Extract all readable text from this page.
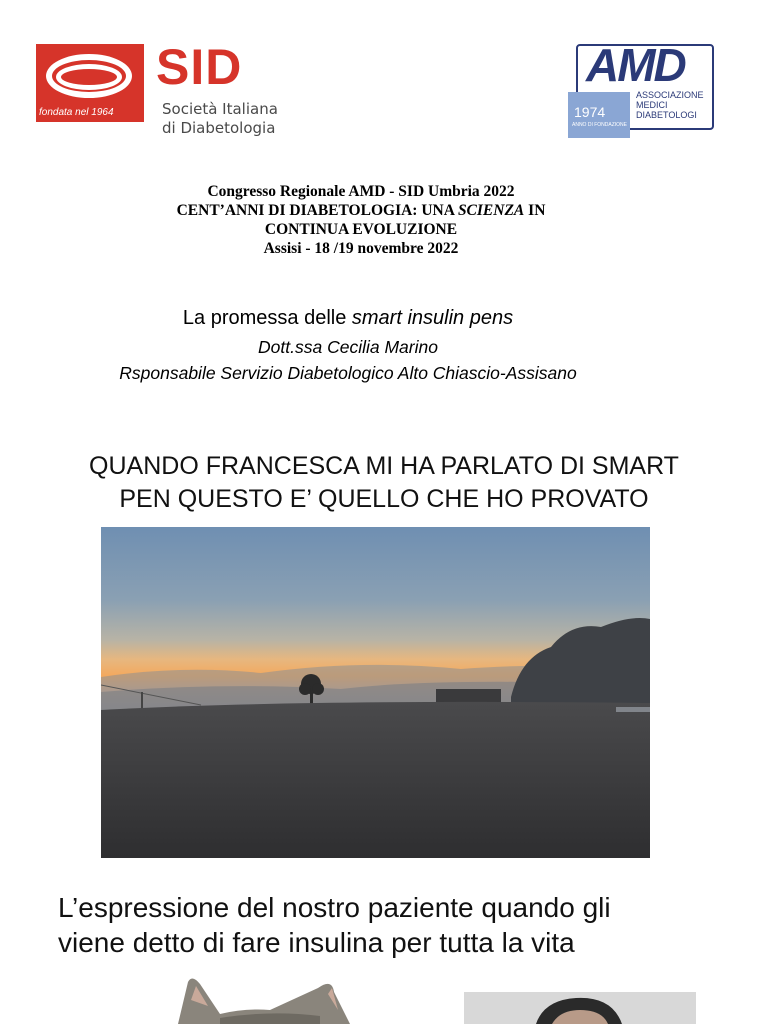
fondata nel 1964
SID
Società Italiana
di Diabetologia
AMD
1974
ANNO DI FONDAZIONE
ASSOCIAZIONE
MEDICI
DIABETOLOGI
Congresso Regionale AMD - SID Umbria 2022
CENT’ANNI DI DIABETOLOGIA: UNA SCIENZA IN
CONTINUA EVOLUZIONE
Assisi - 18 /19 novembre 2022
La promessa delle smart insulin pens
Dott.ssa Cecilia Marino
Rsponsabile Servizio Diabetologico Alto Chiascio-Assisano
QUANDO FRANCESCA MI HA PARLATO DI SMART
PEN QUESTO E’ QUELLO CHE HO PROVATO
L’espressione del nostro paziente quando gli
viene detto di fare insulina per tutta la vita
